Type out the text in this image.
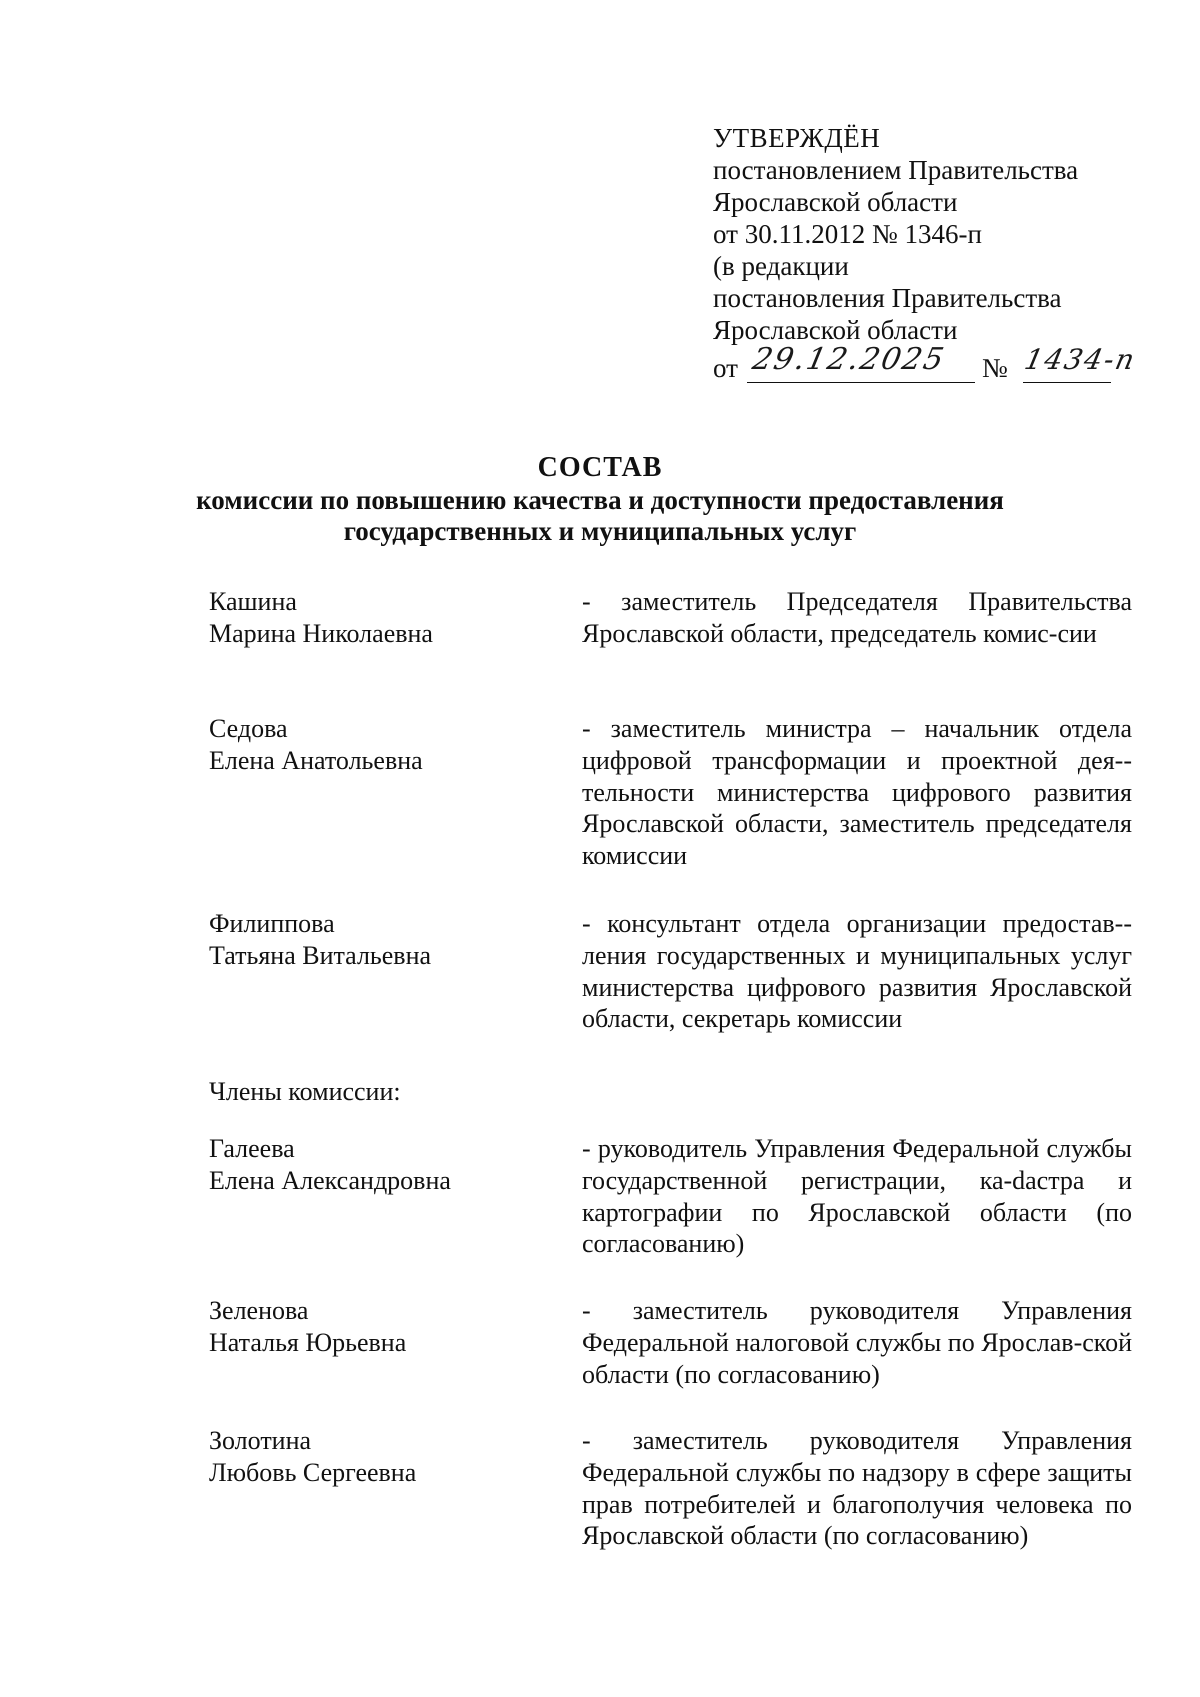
УТВЕРЖДЁН
постановлением Правительства
Ярославской области
от 30.11.2012 № 1346-п
(в редакции
постановления Правительства
Ярославской области
от 29.12.2025 № 1434-п
СОСТАВ
комиссии по повышению качества и доступности предоставления
государственных и муниципальных услуг
Кашина
Марина Николаевна
- заместитель Председателя Правительства Ярославской области, председатель комис-сии
Седова
Елена Анатольевна
- заместитель министра – начальник отдела цифровой трансформации и проектной дея-тельности министерства цифрового развития Ярославской области, заместитель председателя комиссии
Филиппова
Татьяна Витальевна
- консультант отдела организации предостав-ления государственных и муниципальных услуг министерства цифрового развития Ярославской области, секретарь комиссии
Члены комиссии:
Галеева
Елена Александровна
- руководитель Управления Федеральной службы государственной регистрации, ка-dастра и картографии по Ярославской области (по согласованию)
Зеленова
Наталья Юрьевна
- заместитель руководителя Управления Федеральной налоговой службы по Яpослав-ской области (по согласованию)
Золотина
Любовь Сергеевна
- заместитель руководителя Управления Федеральной службы по надзору в сфере защиты прав потребителей и благополучия человека по Ярославской области (по согласованию)
